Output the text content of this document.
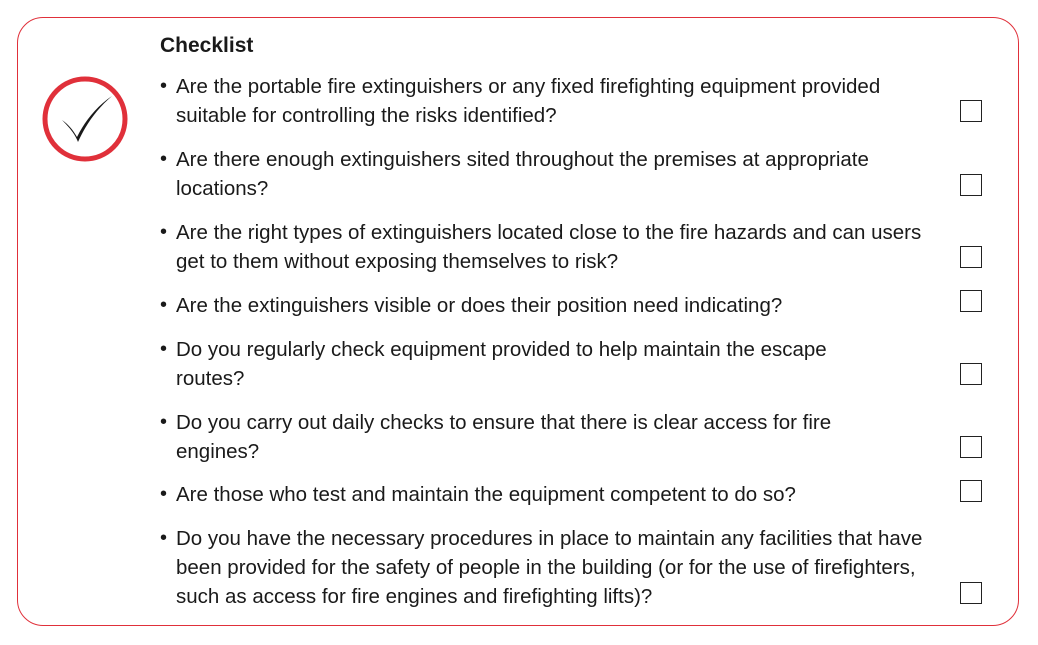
Checklist
• Are the portable fire extinguishers or any fixed firefighting equipment provided suitable for controlling the risks identified?
• Are there enough extinguishers sited throughout the premises at appropriate locations?
• Are the right types of extinguishers located close to the fire hazards and can users get to them without exposing themselves to risk?
• Are the extinguishers visible or does their position need indicating?
• Do you regularly check equipment provided to help maintain the escape routes?
• Do you carry out daily checks to ensure that there is clear access for fire engines?
• Are those who test and maintain the equipment competent to do so?
• Do you have the necessary procedures in place to maintain any facilities that have been provided for the safety of people in the building (or for the use of firefighters, such as access for fire engines and firefighting lifts)?
